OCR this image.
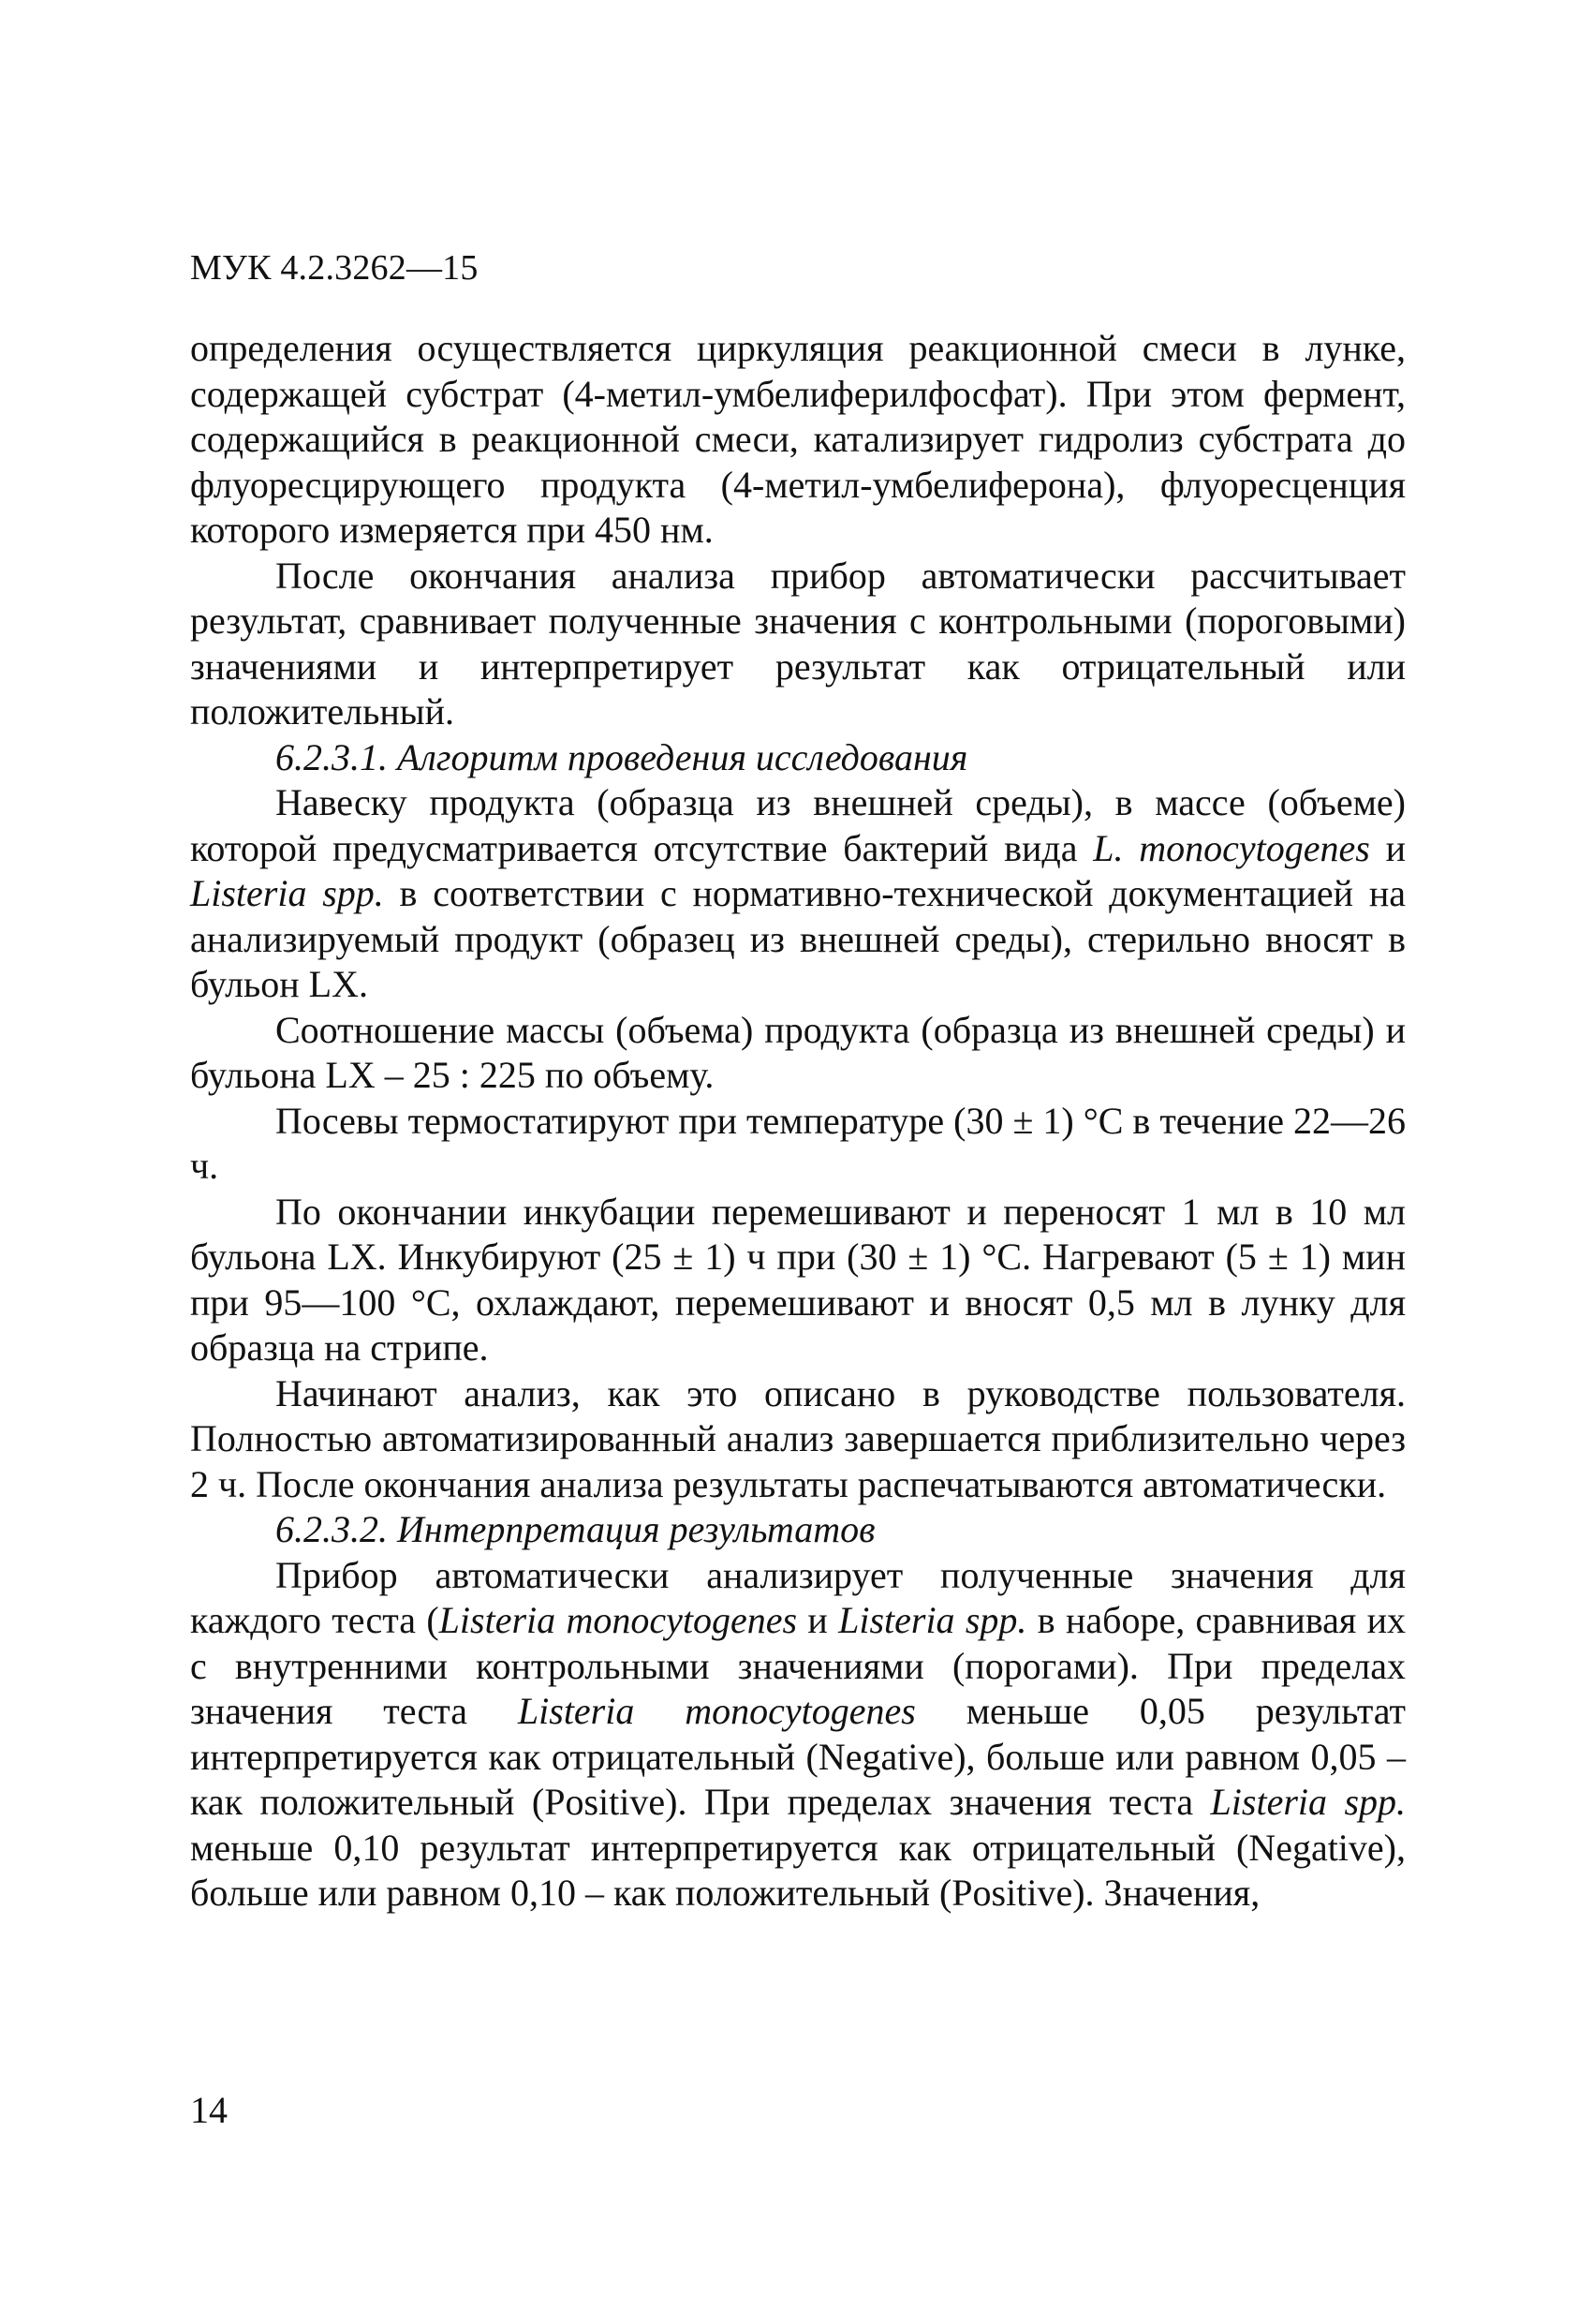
МУК 4.2.3262—15

определения осуществляется циркуляция реакционной смеси в лунке, содержащей субстрат (4-метил-умбелиферилфосфат). При этом фермент, содержащийся в реакционной смеси, катализирует гидролиз субстрата до флуоресцирующего продукта (4-метил-умбелиферона), флуоресценция которого измеряется при 450 нм.

После окончания анализа прибор автоматически рассчитывает результат, сравнивает полученные значения с контрольными (пороговыми) значениями и интерпретирует результат как отрицательный или положительный.

6.2.3.1. Алгоритм проведения исследования

Навеску продукта (образца из внешней среды), в массе (объеме) которой предусматривается отсутствие бактерий вида L. monocytogenes и Listeria spp. в соответствии с нормативно-технической документацией на анализируемый продукт (образец из внешней среды), стерильно вносят в бульон LX.

Соотношение массы (объема) продукта (образца из внешней среды) и бульона LX – 25 : 225 по объему.

Посевы термостатируют при температуре (30 ± 1) °С в течение 22—26 ч.

По окончании инкубации перемешивают и переносят 1 мл в 10 мл бульона LX. Инкубируют (25 ± 1) ч при (30 ± 1) °С. Нагревают (5 ± 1) мин при 95—100 °С, охлаждают, перемешивают и вносят 0,5 мл в лунку для образца на стрипе.

Начинают анализ, как это описано в руководстве пользователя. Полностью автоматизированный анализ завершается приблизительно через 2 ч. После окончания анализа результаты распечатываются автоматически.

6.2.3.2. Интерпретация результатов

Прибор автоматически анализирует полученные значения для каждого теста (Listeria monocytogenes и Listeria spp. в наборе, сравнивая их с внутренними контрольными значениями (порогами). При пределах значения теста Listeria monocytogenes меньше 0,05 результат интерпретируется как отрицательный (Negative), больше или равном 0,05 – как положительный (Positive). При пределах значения теста Listeria spp. меньше 0,10 результат интерпретируется как отрицательный (Negative), больше или равном 0,10 – как положительный (Positive). Значения,

14
